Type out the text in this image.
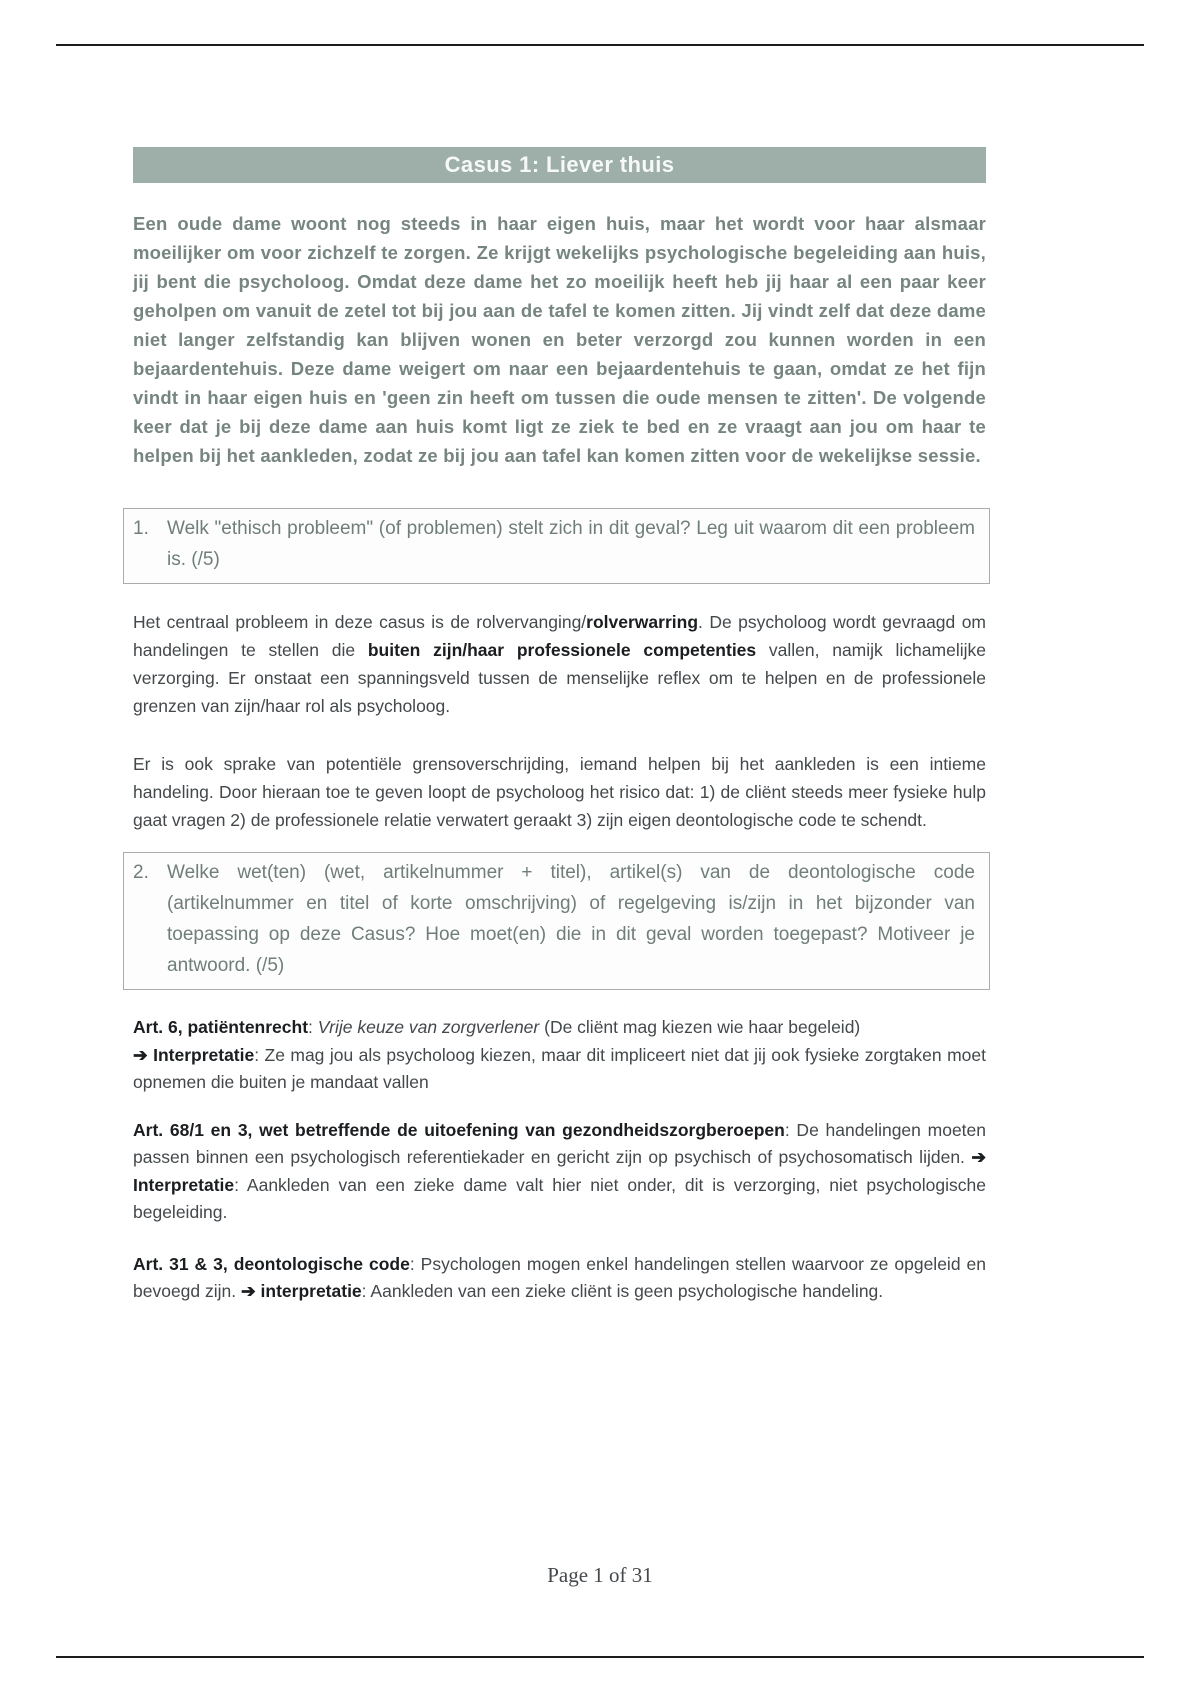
Casus 1: Liever thuis

Een oude dame woont nog steeds in haar eigen huis, maar het wordt voor haar alsmaar moeilijker om voor zichzelf te zorgen. Ze krijgt wekelijks psychologische begeleiding aan huis, jij bent die psycholoog. Omdat deze dame het zo moeilijk heeft heb jij haar al een paar keer geholpen om vanuit de zetel tot bij jou aan de tafel te komen zitten. Jij vindt zelf dat deze dame niet langer zelfstandig kan blijven wonen en beter verzorgd zou kunnen worden in een bejaardentehuis. Deze dame weigert om naar een bejaardentehuis te gaan, omdat ze het fijn vindt in haar eigen huis en 'geen zin heeft om tussen die oude mensen te zitten'. De volgende keer dat je bij deze dame aan huis komt ligt ze ziek te bed en ze vraagt aan jou om haar te helpen bij het aankleden, zodat ze bij jou aan tafel kan komen zitten voor de wekelijkse sessie.

1. Welk "ethisch probleem" (of problemen) stelt zich in dit geval? Leg uit waarom dit een probleem is. (/5)

Het centraal probleem in deze casus is de rolvervanging/rolverwarring. De psycholoog wordt gevraagd om handelingen te stellen die buiten zijn/haar professionele competenties vallen, namijk lichamelijke verzorging. Er onstaat een spanningsveld tussen de menselijke reflex om te helpen en de professionele grenzen van zijn/haar rol als psycholoog.

Er is ook sprake van potentiële grensoverschrijding, iemand helpen bij het aankleden is een intieme handeling. Door hieraan toe te geven loopt de psycholoog het risico dat: 1) de cliënt steeds meer fysieke hulp gaat vragen 2) de professionele relatie verwatert geraakt 3) zijn eigen deontologische code te schendt.

2. Welke wet(ten) (wet, artikelnummer + titel), artikel(s) van de deontologische code (artikelnummer en titel of korte omschrijving) of regelgeving is/zijn in het bijzonder van toepassing op deze Casus? Hoe moet(en) die in dit geval worden toegepast? Motiveer je antwoord. (/5)

Art. 6, patiëntenrecht: Vrije keuze van zorgverlener (De cliënt mag kiezen wie haar begeleid)
➔ Interpretatie: Ze mag jou als psycholoog kiezen, maar dit impliceert niet dat jij ook fysieke zorgtaken moet opnemen die buiten je mandaat vallen

Art. 68/1 en 3, wet betreffende de uitoefening van gezondheidszorgberoepen: De handelingen moeten passen binnen een psychologisch referentiekader en gericht zijn op psychisch of psychosomatisch lijden. ➔ Interpretatie: Aankleden van een zieke dame valt hier niet onder, dit is verzorging, niet psychologische begeleiding.

Art. 31 & 3, deontologische code: Psychologen mogen enkel handelingen stellen waarvoor ze opgeleid en bevoegd zijn. ➔ interpretatie: Aankleden van een zieke cliënt is geen psychologische handeling.

Page 1 of 31
